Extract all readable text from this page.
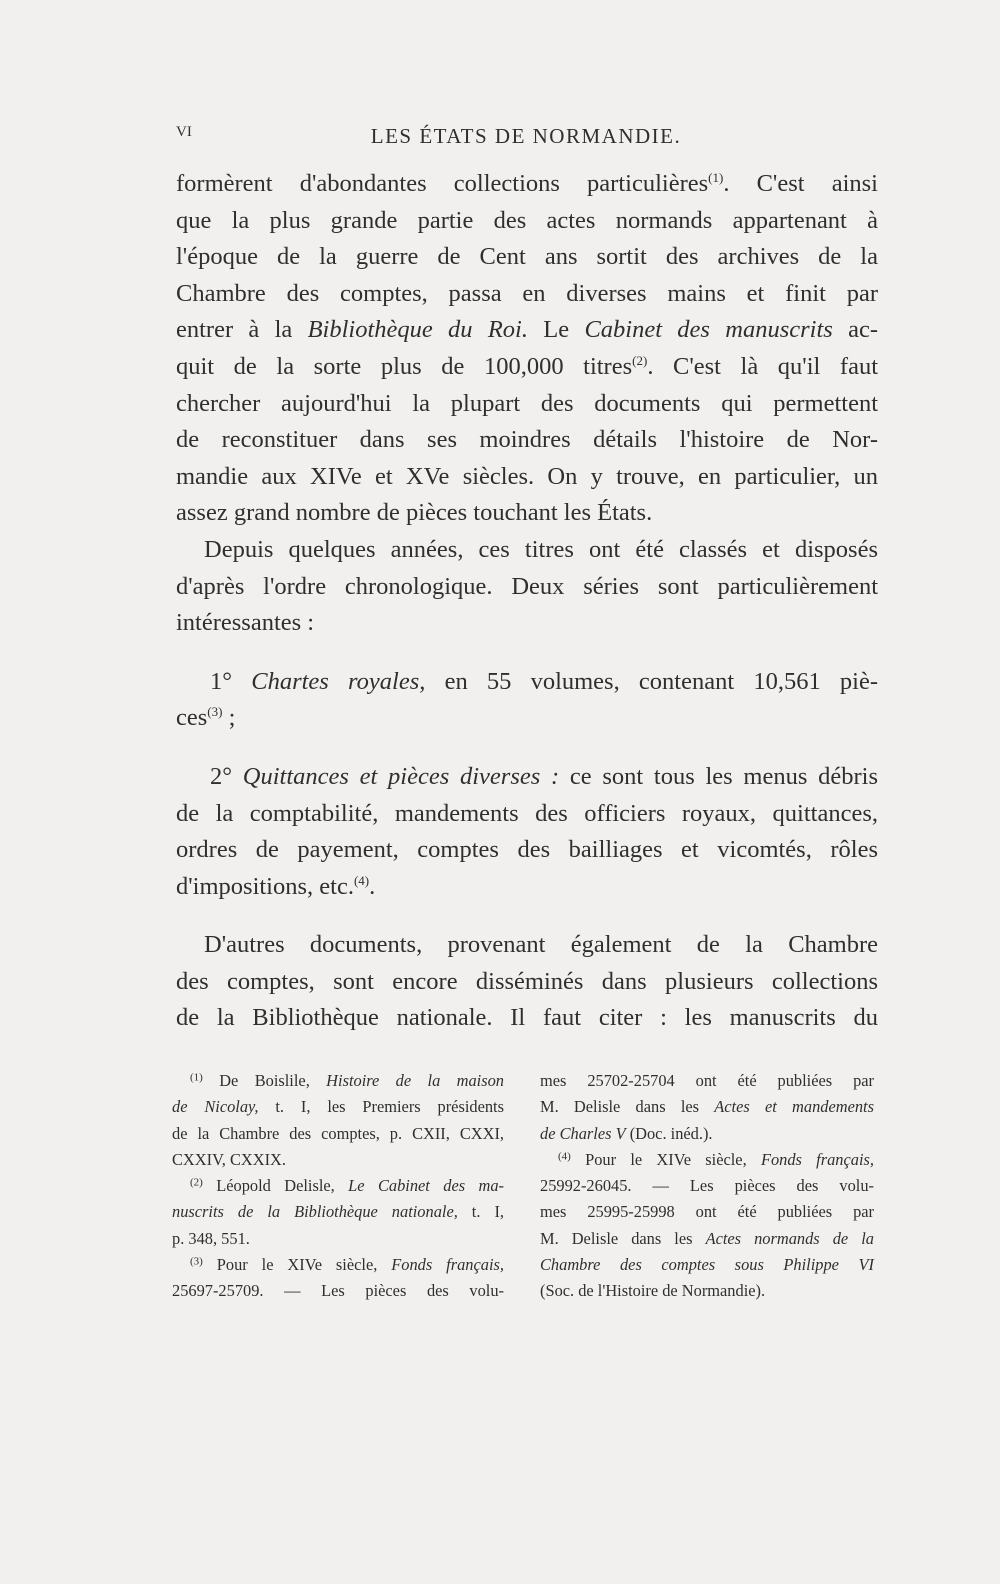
VI	LES ÉTATS DE NORMANDIE.
formèrent d'abondantes collections particulières$^{(1)}$. C'est ainsi
que la plus grande partie des actes normands appartenant à
l'époque de la guerre de Cent ans sortit des archives de la
Chambre des comptes, passa en diverses mains et finit par
entrer à la Bibliothèque du Roi. Le Cabinet des manuscrits ac-
quit de la sorte plus de 100,000 titres$^{(2)}$. C'est là qu'il faut
chercher aujourd'hui la plupart des documents qui permettent
de reconstituer dans ses moindres détails l'histoire de Nor-
mandie aux XIVe et XVe siècles. On y trouve, en particulier, un
assez grand nombre de pièces touchant les États.
Depuis quelques années, ces titres ont été classés et disposés
d'après l'ordre chronologique. Deux séries sont particulièrement
intéressantes :
1° Chartes royales, en 55 volumes, contenant 10,561 piè-
ces$^{(3)}$ ;
2° Quittances et pièces diverses : ce sont tous les menus débris
de la comptabilité, mandements des officiers royaux, quittances,
ordres de payement, comptes des bailliages et vicomtés, rôles
d'impositions, etc.$^{(4)}$.
D'autres documents, provenant également de la Chambre
des comptes, sont encore disséminés dans plusieurs collections
de la Bibliothèque nationale. Il faut citer : les manuscrits du
$^{(1)}$ De Boislile, Histoire de la maison
de Nicolay, t. I, les Premiers présidents
de la Chambre des comptes, p. CXII, CXXI,
CXXIV, CXXIX.
$^{(2)}$ Léopold Delisle, Le Cabinet des ma-
nuscrits de la Bibliothèque nationale, t. I,
p. 348, 551.
$^{(3)}$ Pour le XIVe siècle, Fonds français,
25697-25709. — Les pièces des volu-
mes 25702-25704 ont été publiées par
M. Delisle dans les Actes et mandements
de Charles V (Doc. inéd.).
$^{(4)}$ Pour le XIVe siècle, Fonds français,
25992-26045. — Les pièces des volu-
mes 25995-25998 ont été publiées par
M. Delisle dans les Actes normands de la
Chambre des comptes sous Philippe VI
(Soc. de l'Histoire de Normandie).
